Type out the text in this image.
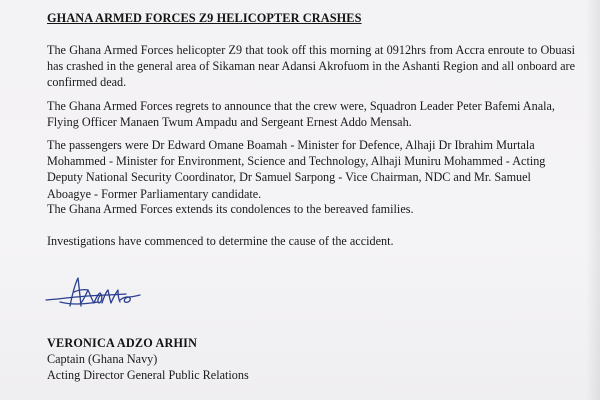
GHANA ARMED FORCES Z9 HELICOPTER CRASHES

The Ghana Armed Forces helicopter Z9 that took off this morning at 0912hrs from Accra enroute to Obuasi has crashed in the general area of Sikaman near Adansi Akrofuom in the Ashanti Region and all onboard are confirmed dead.

The Ghana Armed Forces regrets to announce that the crew were, Squadron Leader Peter Bafemi Anala, Flying Officer Manaen Twum Ampadu and Sergeant Ernest Addo Mensah.

The passengers were Dr Edward Omane Boamah - Minister for Defence, Alhaji Dr Ibrahim Murtala Mohammed - Minister for Environment, Science and Technology, Alhaji Muniru Mohammed - Acting Deputy National Security Coordinator, Dr Samuel Sarpong - Vice Chairman, NDC and Mr. Samuel Aboagye - Former Parliamentary candidate.

The Ghana Armed Forces extends its condolences to the bereaved families.

Investigations have commenced to determine the cause of the accident.

VERONICA ADZO ARHIN

Captain (Ghana Navy)

Acting Director General Public Relations
